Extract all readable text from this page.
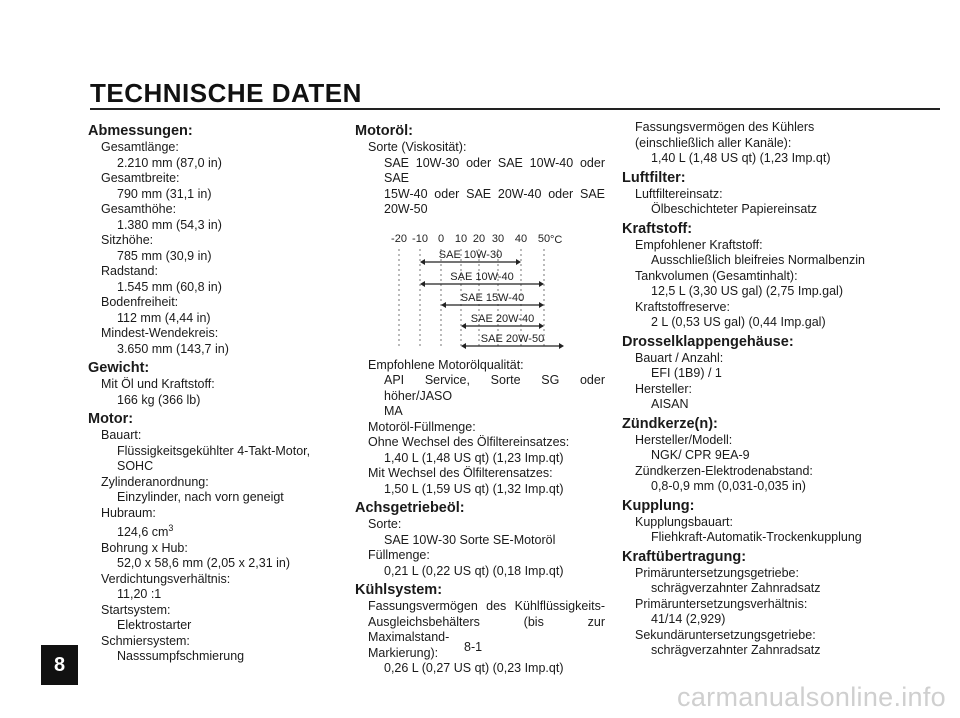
TECHNISCHE DATEN
Abmessungen:
Gesamtlänge:
2.210 mm (87,0 in)
Gesamtbreite:
790 mm (31,1 in)
Gesamthöhe:
1.380 mm (54,3 in)
Sitzhöhe:
785 mm (30,9 in)
Radstand:
1.545 mm (60,8 in)
Bodenfreiheit:
112 mm (4,44 in)
Mindest-Wendekreis:
3.650 mm (143,7 in)
Gewicht:
Mit Öl und Kraftstoff:
166 kg (366 lb)
Motor:
Bauart:
Flüssigkeitsgekühlter 4-Takt-Motor,
SOHC
Zylinderanordnung:
Einzylinder, nach vorn geneigt
Hubraum:
124,6 $cm^3$
Bohrung x Hub:
52,0 x 58,6 mm (2,05 x 2,31 in)
Verdichtungsverhältnis:
11,20 :1
Startsystem:
Elektrostarter
Schmiersystem:
Nasssumpfschmierung
Motoröl:
Sorte (Viskosität):
SAE 10W-30 oder SAE 10W-40 oder SAE
15W-40 oder SAE 20W-40 oder SAE
20W-50
-20 -10 0 10 20 30 40 50 °C
SAE 10W-30
SAE 10W-40
SAE 15W-40
SAE 20W-40
SAE 20W-50
Empfohlene Motorölqualität:
API Service, Sorte SG oder höher/JASO
MA
Motoröl-Füllmenge:
Ohne Wechsel des Ölfiltereinsatzes:
1,40 L (1,48 US qt) (1,23 Imp.qt)
Mit Wechsel des Ölfilterensatzes:
1,50 L (1,59 US qt) (1,32 Imp.qt)
Achsgetriebeöl:
Sorte:
SAE 10W-30 Sorte SE-Motoröl
Füllmenge:
0,21 L (0,22 US qt) (0,18 Imp.qt)
Kühlsystem:
Fassungsvermögen des Kühlflüssigkeits-
Ausgleichsbehälters (bis zur Maximalstand-
Markierung):
0,26 L (0,27 US qt) (0,23 Imp.qt)
Fassungsvermögen des Kühlers
(einschließlich aller Kanäle):
1,40 L (1,48 US qt) (1,23 Imp.qt)
Luftfilter:
Luftfiltereinsatz:
Ölbeschichteter Papiereinsatz
Kraftstoff:
Empfohlener Kraftstoff:
Ausschließlich bleifreies Normalbenzin
Tankvolumen (Gesamtinhalt):
12,5 L (3,30 US gal) (2,75 Imp.gal)
Kraftstoffreserve:
2 L (0,53 US gal) (0,44 Imp.gal)
Drosselklappengehäuse:
Bauart / Anzahl:
EFI (1B9) / 1
Hersteller:
AISAN
Zündkerze(n):
Hersteller/Modell:
NGK/ CPR 9EA-9
Zündkerzen-Elektrodenabstand:
0,8-0,9 mm (0,031-0,035 in)
Kupplung:
Kupplungsbauart:
Fliehkraft-Automatik-Trockenkupplung
Kraftübertragung:
Primäruntersetzungsgetriebe:
schrägverzahnter Zahnradsatz
Primäruntersetzungsverhältnis:
41/14 (2,929)
Sekundäruntersetzungsgetriebe:
schrägverzahnter Zahnradsatz
8
8-1
carmanualsonline.info
